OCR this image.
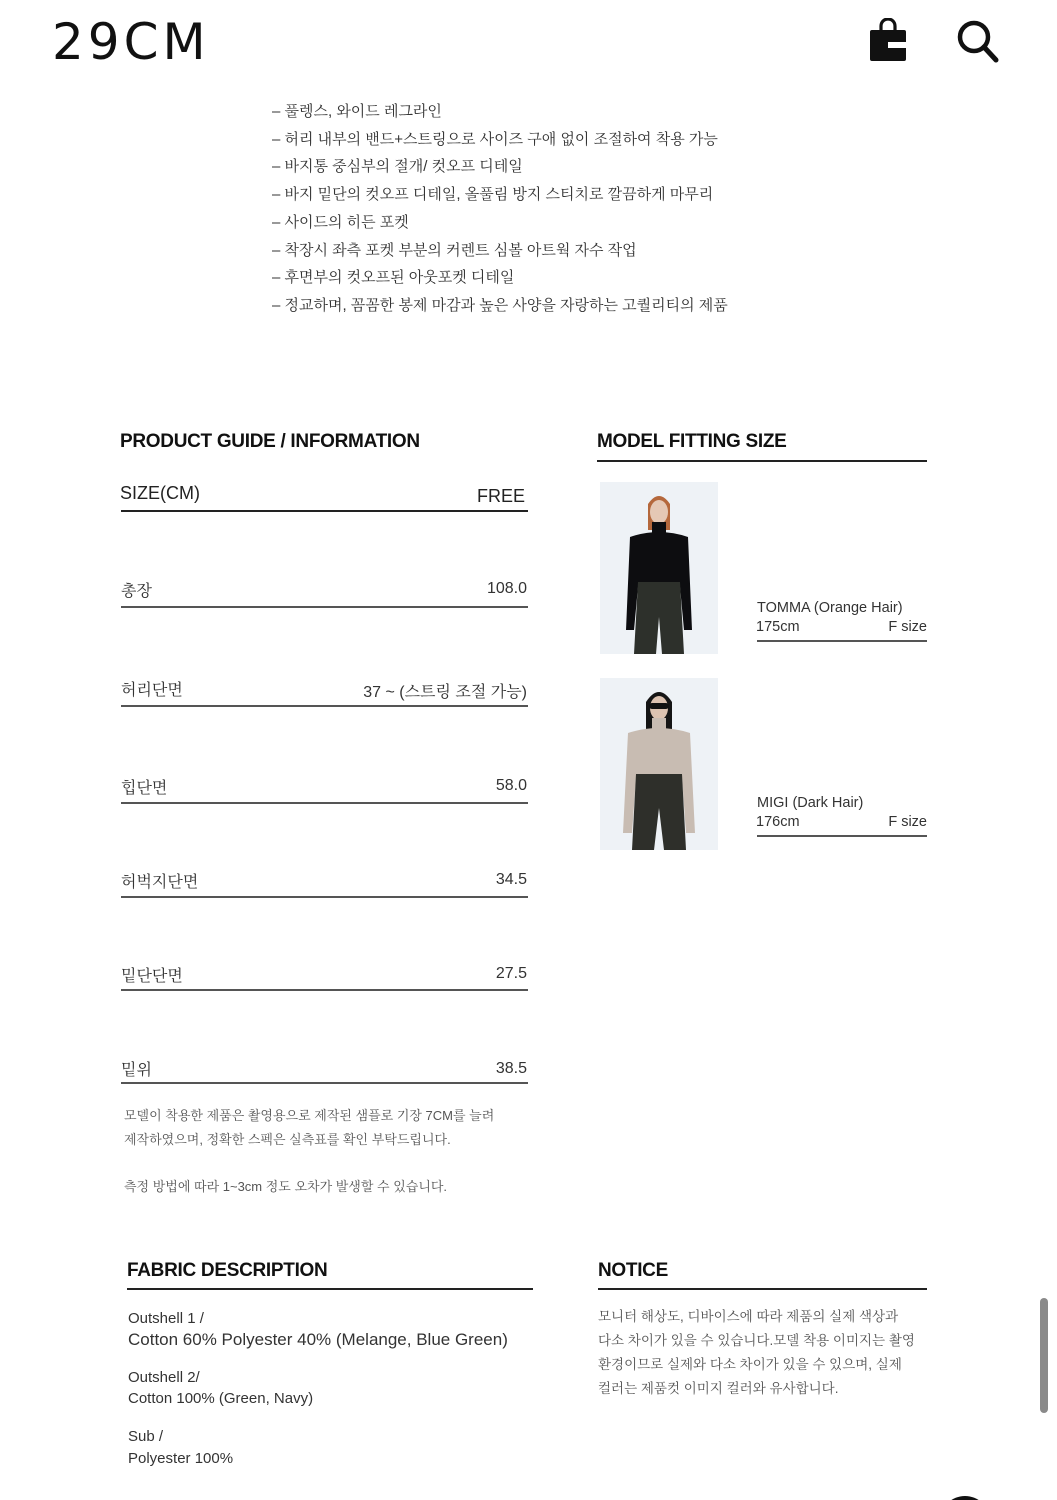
29CM
– 풀렝스, 와이드 레그라인
– 허리 내부의 밴드+스트링으로 사이즈 구애 없이 조절하여 착용 가능
– 바지통 중심부의 절개/ 컷오프 디테일
– 바지 밑단의 컷오프 디테일, 올풀림 방지 스티치로 깔끔하게 마무리
– 사이드의 히든 포켓
– 착장시 좌측 포켓 부분의 커렌트 심볼 아트웍 자수 작업
– 후면부의 컷오프된 아웃포켓 디테일
– 정교하며, 꼼꼼한 봉제 마감과 높은 사양을 자랑하는 고퀄리티의 제품
PRODUCT GUIDE / INFORMATION
SIZE(CM)	FREE
총장	108.0
허리단면	37 ~ (스트링 조절 가능)
힙단면	58.0
허벅지단면	34.5
밑단단면	27.5
밑위	38.5
모델이 착용한 제품은 촬영용으로 제작된 샘플로 기장 7CM를 늘려
제작하였으며, 정확한 스펙은 실측표를 확인 부탁드립니다.
측정 방법에 따라 1~3cm 정도 오차가 발생할 수 있습니다.
MODEL FITTING SIZE
TOMMA (Orange Hair)
175cm	F size
MIGI (Dark Hair)
176cm	F size
FABRIC DESCRIPTION
Outshell 1 /
Cotton 60% Polyester 40% (Melange, Blue Green)
Outshell 2/
Cotton 100% (Green, Navy)
Sub /
Polyester 100%
NOTICE
모니터 해상도, 디바이스에 따라 제품의 실제 색상과
다소 차이가 있을 수 있습니다.모델 착용 이미지는 촬영
환경이므로 실제와 다소 차이가 있을 수 있으며, 실제
컬러는 제품컷 이미지 컬러와 유사합니다.
